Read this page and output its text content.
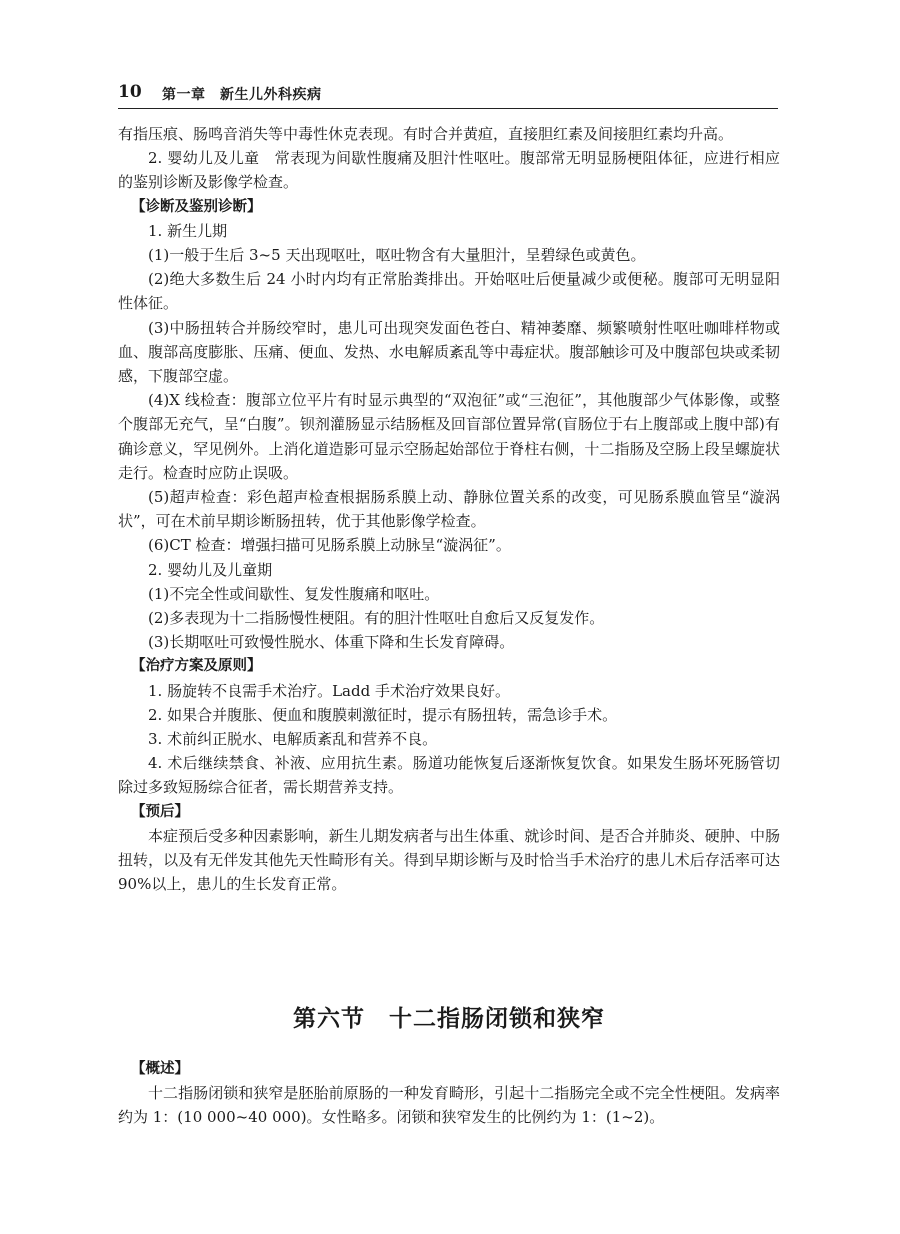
10 第一章　新生儿外科疾病

有指压痕、肠鸣音消失等中毒性休克表现。有时合并黄疸，直接胆红素及间接胆红素均升高。

2. 婴幼儿及儿童　常表现为间歇性腹痛及胆汁性呕吐。腹部常无明显肠梗阻体征，应进行相应的鉴别诊断及影像学检查。

【诊断及鉴别诊断】

1. 新生儿期

(1)一般于生后 3~5 天出现呕吐，呕吐物含有大量胆汁，呈碧绿色或黄色。

(2)绝大多数生后 24 小时内均有正常胎粪排出。开始呕吐后便量减少或便秘。腹部可无明显阳性体征。

(3)中肠扭转合并肠绞窄时，患儿可出现突发面色苍白、精神萎靡、频繁喷射性呕吐咖啡样物或血、腹部高度膨胀、压痛、便血、发热、水电解质紊乱等中毒症状。腹部触诊可及中腹部包块或柔韧感，下腹部空虚。

(4)X 线检查：腹部立位平片有时显示典型的“双泡征”或“三泡征”，其他腹部少气体影像，或整个腹部无充气，呈“白腹”。钡剂灌肠显示结肠框及回盲部位置异常(盲肠位于右上腹部或上腹中部)有确诊意义，罕见例外。上消化道造影可显示空肠起始部位于脊柱右侧，十二指肠及空肠上段呈螺旋状走行。检查时应防止误吸。

(5)超声检查：彩色超声检查根据肠系膜上动、静脉位置关系的改变，可见肠系膜血管呈“漩涡状”，可在术前早期诊断肠扭转，优于其他影像学检查。

(6)CT 检查：增强扫描可见肠系膜上动脉呈“漩涡征”。

2. 婴幼儿及儿童期

(1)不完全性或间歇性、复发性腹痛和呕吐。

(2)多表现为十二指肠慢性梗阻。有的胆汁性呕吐自愈后又反复发作。

(3)长期呕吐可致慢性脱水、体重下降和生长发育障碍。

【治疗方案及原则】

1. 肠旋转不良需手术治疗。Ladd 手术治疗效果良好。

2. 如果合并腹胀、便血和腹膜刺激征时，提示有肠扭转，需急诊手术。

3. 术前纠正脱水、电解质紊乱和营养不良。

4. 术后继续禁食、补液、应用抗生素。肠道功能恢复后逐渐恢复饮食。如果发生肠坏死肠管切除过多致短肠综合征者，需长期营养支持。

【预后】

本症预后受多种因素影响，新生儿期发病者与出生体重、就诊时间、是否合并肺炎、硬肿、中肠扭转，以及有无伴发其他先天性畸形有关。得到早期诊断与及时恰当手术治疗的患儿术后存活率可达 90%以上，患儿的生长发育正常。

第六节　十二指肠闭锁和狭窄

【概述】

十二指肠闭锁和狭窄是胚胎前原肠的一种发育畸形，引起十二指肠完全或不完全性梗阻。发病率约为 1：(10 000~40 000)。女性略多。闭锁和狭窄发生的比例约为 1：(1~2)。
